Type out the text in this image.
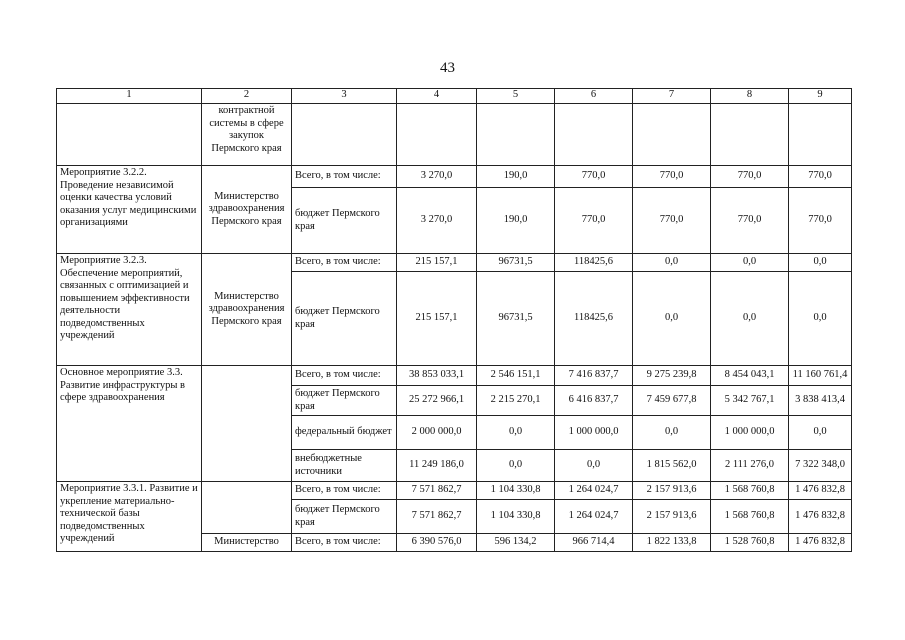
43
1	2	3	4	5	6	7	8	9
	контрактной системы в сфере закупок Пермского края							
Мероприятие 3.2.2. Проведение независимой оценки качества условий оказания услуг медицинскими организациями	Министерство здравоохранения Пермского края	Всего, в том числе:	3 270,0	190,0	770,0	770,0	770,0	770,0
		бюджет Пермского края	3 270,0	190,0	770,0	770,0	770,0	770,0
Мероприятие 3.2.3. Обеспечение мероприятий, связанных с оптимизацией и повышением эффективности деятельности подведомственных учреждений	Министерство здравоохранения Пермского края	Всего, в том числе:	215 157,1	96731,5	118425,6	0,0	0,0	0,0
		бюджет Пермского края	215 157,1	96731,5	118425,6	0,0	0,0	0,0
Основное мероприятие 3.3. Развитие инфраструктуры в сфере здравоохранения		Всего, в том числе:	38 853 033,1	2 546 151,1	7 416 837,7	9 275 239,8	8 454 043,1	11 160 761,4
		бюджет Пермского края	25 272 966,1	2 215 270,1	6 416 837,7	7 459 677,8	5 342 767,1	3 838 413,4
		федеральный бюджет	2 000 000,0	0,0	1 000 000,0	0,0	1 000 000,0	0,0
		внебюджетные источники	11 249 186,0	0,0	0,0	1 815 562,0	2 111 276,0	7 322 348,0
Мероприятие 3.3.1. Развитие и укрепление материально-технической базы подведомственных учреждений		Всего, в том числе:	7 571 862,7	1 104 330,8	1 264 024,7	2 157 913,6	1 568 760,8	1 476 832,8
		бюджет Пермского края	7 571 862,7	1 104 330,8	1 264 024,7	2 157 913,6	1 568 760,8	1 476 832,8
	Министерство	Всего, в том числе:	6 390 576,0	596 134,2	966 714,4	1 822 133,8	1 528 760,8	1 476 832,8
